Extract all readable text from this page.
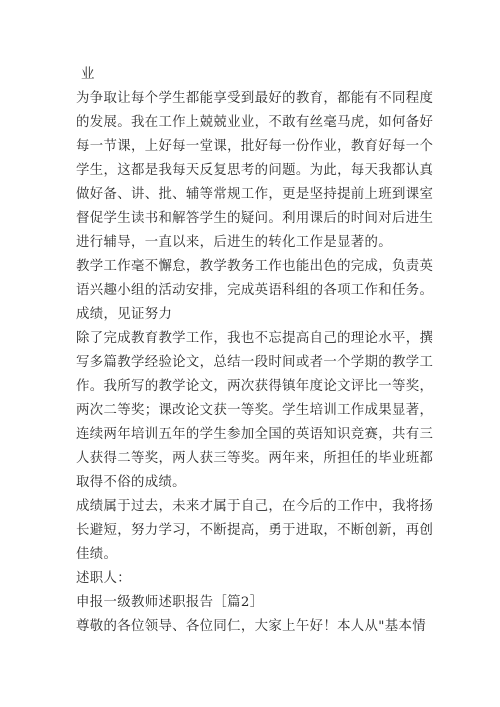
业
为争取让每个学生都能享受到最好的教育，都能有不同程度
的发展。我在工作上兢兢业业，不敢有丝毫马虎，如何备好
每一节课，上好每一堂课，批好每一份作业，教育好每一个
学生，这都是我每天反复思考的问题。为此，每天我都认真
做好备、讲、批、辅等常规工作，更是坚持提前上班到课室
督促学生读书和解答学生的疑问。利用课后的时间对后进生
进行辅导，一直以来，后进生的转化工作是显著的。
教学工作毫不懈怠，教学教务工作也能出色的完成，负责英
语兴趣小组的活动安排，完成英语科组的各项工作和任务。
成绩，见证努力
除了完成教育教学工作，我也不忘提高自己的理论水平，撰
写多篇教学经验论文，总结一段时间或者一个学期的教学工
作。我所写的教学论文，两次获得镇年度论文评比一等奖，
两次二等奖；课改论文获一等奖。学生培训工作成果显著，
连续两年培训五年的学生参加全国的英语知识竞赛，共有三
人获得二等奖，两人获三等奖。两年来，所担任的毕业班都
取得不俗的成绩。
成绩属于过去，未来才属于自己，在今后的工作中，我将扬
长避短，努力学习，不断提高，勇于进取，不断创新，再创
佳绩。
述职人：
申报一级教师述职报告［篇2］
尊敬的各位领导、各位同仁，大家上午好！本人从"基本情
